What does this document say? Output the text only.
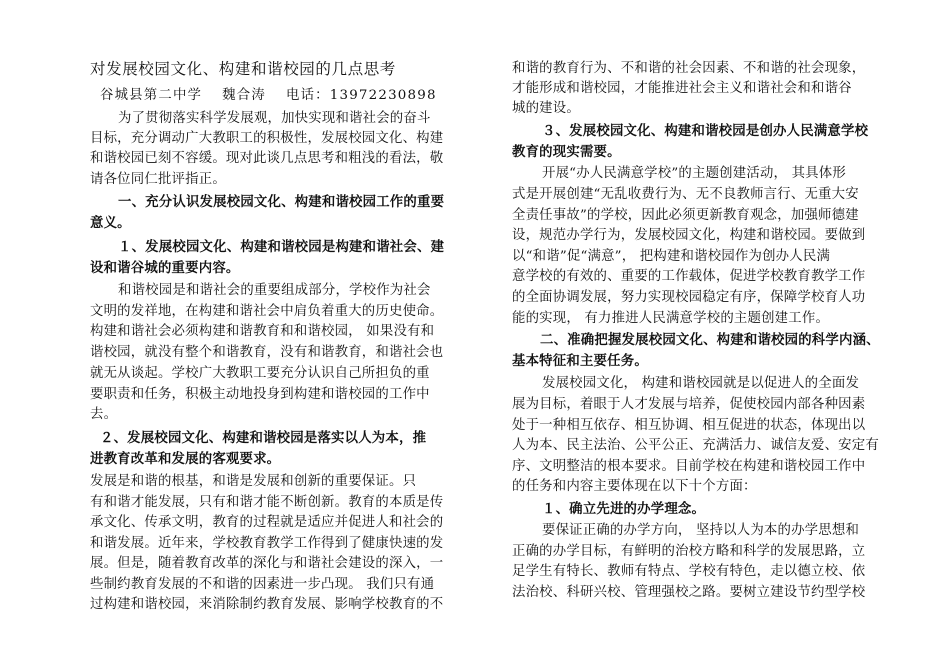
对发展校园文化、构建和谐校园的几点思考
谷城县第二中学　 魏合涛　 电话：13972230898
为了贯彻落实科学发展观，加快实现和谐社会的奋斗
目标，充分调动广大教职工的积极性，发展校园文化、构建
和谐校园已刻不容缓。现对此谈几点思考和粗浅的看法，敬
请各位同仁批评指正。
一、充分认识发展校园文化、构建和谐校园工作的重要
意义。
１、发展校园文化、构建和谐校园是构建和谐社会、建
设和谐谷城的重要内容。
和谐校园是和谐社会的重要组成部分，学校作为社会
文明的发祥地，在构建和谐社会中肩负着重大的历史使命。
构建和谐社会必须构建和谐教育和和谐校园， 如果没有和
谐校园，就没有整个和谐教育，没有和谐教育，和谐社会也
就无从谈起。学校广大教职工要充分认识自己所担负的重
要职责和任务，积极主动地投身到构建和谐校园的工作中
去。
２、发展校园文化、构建和谐校园是落实以人为本，推
进教育改革和发展的客观要求。
发展是和谐的根基，和谐是发展和创新的重要保证。只
有和谐才能发展，只有和谐才能不断创新。教育的本质是传
承文化、传承文明，教育的过程就是适应并促进人和社会的
和谐发展。近年来，学校教育教学工作得到了健康快速的发
展。但是，随着教育改革的深化与和谐社会建设的深入，一
些制约教育发展的不和谐的因素进一步凸现。 我们只有通
过构建和谐校园，来消除制约教育发展、影响学校教育的不
和谐的教育行为、不和谐的社会因素、不和谐的社会现象，
才能形成和谐校园，才能推进社会主义和谐社会和和谐谷
城的建设。
３、发展校园文化、构建和谐校园是创办人民满意学校
教育的现实需要。
开展“办人民满意学校”的主题创建活动， 其具体形
式是开展创建“无乱收费行为、无不良教师言行、无重大安
全责任事故”的学校，因此必须更新教育观念，加强师德建
设，规范办学行为，发展校园文化，构建和谐校园。要做到
以“和谐”促“满意”， 把构建和谐校园作为创办人民满
意学校的有效的、重要的工作载体，促进学校教育教学工作
的全面协调发展，努力实现校园稳定有序，保障学校育人功
能的实现， 有力推进人民满意学校的主题创建工作。
二、准确把握发展校园文化、构建和谐校园的科学内涵、
基本特征和主要任务。
发展校园文化， 构建和谐校园就是以促进人的全面发
展为目标，着眼于人才发展与培养，促使校园内部各种因素
处于一种相互依存、相互协调、相互促进的状态，体现出以
人为本、民主法治、公平公正、充满活力、诚信友爱、安定有
序、文明整洁的根本要求。目前学校在构建和谐校园工作中
的任务和内容主要体现在以下十个方面：
１、确立先进的办学理念。
要保证正确的办学方向， 坚持以人为本的办学思想和
正确的办学目标，有鲜明的治校方略和科学的发展思路，立
足学生有特长、教师有特点、学校有特色，走以德立校、依
法治校、科研兴校、管理强校之路。要树立建设节约型学校
